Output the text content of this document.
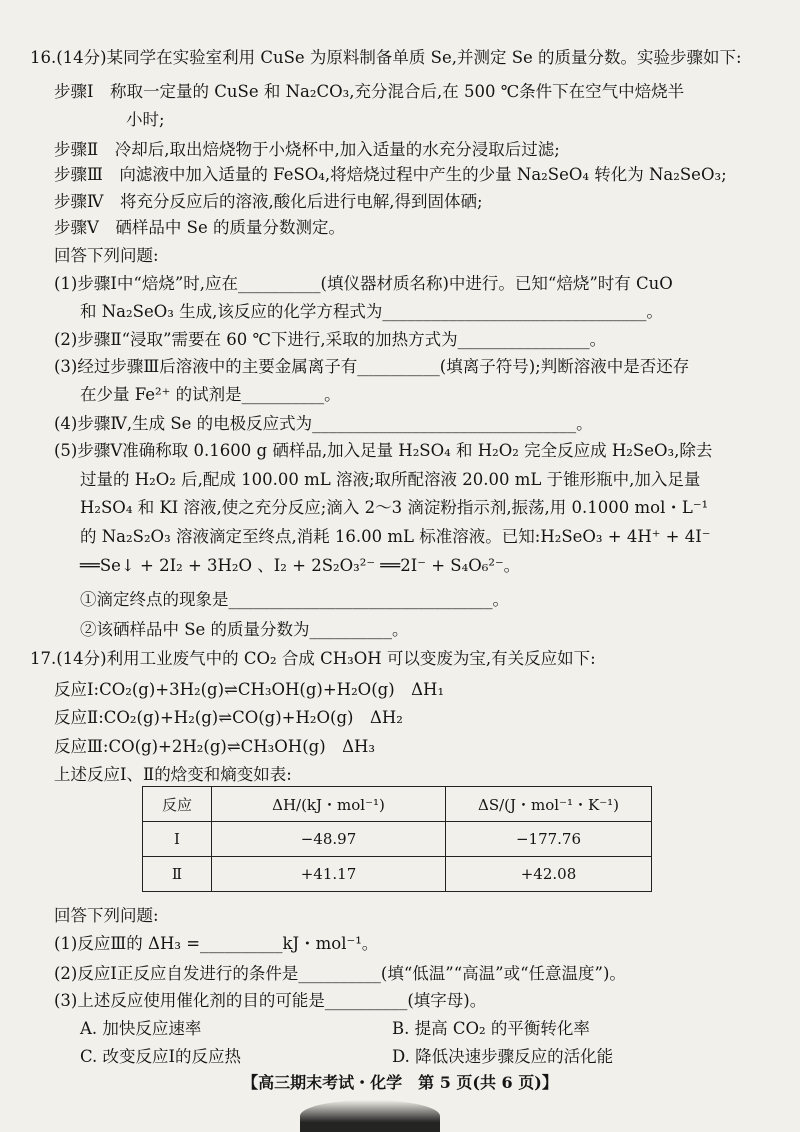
16.(14分)某同学在实验室利用 CuSe 为原料制备单质 Se,并测定 Se 的质量分数。实验步骤如下:
步骤Ⅰ　称取一定量的 CuSe 和 Na₂CO₃,充分混合后,在 500 ℃条件下在空气中焙烧半
小时;
步骤Ⅱ　冷却后,取出焙烧物于小烧杯中,加入适量的水充分浸取后过滤;
步骤Ⅲ　向滤液中加入适量的 FeSO₄,将焙烧过程中产生的少量 Na₂SeO₄ 转化为 Na₂SeO₃;
步骤Ⅳ　将充分反应后的溶液,酸化后进行电解,得到固体硒;
步骤Ⅴ　硒样品中 Se 的质量分数测定。
回答下列问题:
(1)步骤Ⅰ中“焙烧”时,应在__________(填仪器材质名称)中进行。已知“焙烧”时有 CuO
和 Na₂SeO₃ 生成,该反应的化学方程式为________________________________。
(2)步骤Ⅱ“浸取”需要在 60 ℃下进行,采取的加热方式为________________。
(3)经过步骤Ⅲ后溶液中的主要金属离子有__________(填离子符号);判断溶液中是否还存
在少量 Fe²⁺ 的试剂是__________。
(4)步骤Ⅳ,生成 Se 的电极反应式为________________________________。
(5)步骤Ⅴ准确称取 0.1600 g 硒样品,加入足量 H₂SO₄ 和 H₂O₂ 完全反应成 H₂SeO₃,除去
过量的 H₂O₂ 后,配成 100.00 mL 溶液;取所配溶液 20.00 mL 于锥形瓶中,加入足量
H₂SO₄ 和 KI 溶液,使之充分反应;滴入 2～3 滴淀粉指示剂,振荡,用 0.1000 mol・L⁻¹
的 Na₂S₂O₃ 溶液滴定至终点,消耗 16.00 mL 标准溶液。已知:H₂SeO₃ + 4H⁺ + 4I⁻
══Se↓ + 2I₂ + 3H₂O 、I₂ + 2S₂O₃²⁻ ══2I⁻ + S₄O₆²⁻。
①滴定终点的现象是________________________________。
②该硒样品中 Se 的质量分数为__________。
17.(14分)利用工业废气中的 CO₂ 合成 CH₃OH 可以变废为宝,有关反应如下:
反应Ⅰ:CO₂(g)+3H₂(g)⇌CH₃OH(g)+H₂O(g)　ΔH₁
反应Ⅱ:CO₂(g)+H₂(g)⇌CO(g)+H₂O(g)　ΔH₂
反应Ⅲ:CO(g)+2H₂(g)⇌CH₃OH(g)　ΔH₃
上述反应Ⅰ、Ⅱ的焓变和熵变如表:
反应	ΔH/(kJ・mol⁻¹)	ΔS/(J・mol⁻¹・K⁻¹)
Ⅰ	−48.97	−177.76
Ⅱ	+41.17	+42.08
回答下列问题:
(1)反应Ⅲ的 ΔH₃ =__________kJ・mol⁻¹。
(2)反应Ⅰ正反应自发进行的条件是__________(填“低温”“高温”或“任意温度”)。
(3)上述反应使用催化剂的目的可能是__________(填字母)。
A. 加快反应速率	B. 提高 CO₂ 的平衡转化率
C. 改变反应Ⅰ的反应热	D. 降低决速步骤反应的活化能
【高三期末考试・化学　第 5 页(共 6 页)】
